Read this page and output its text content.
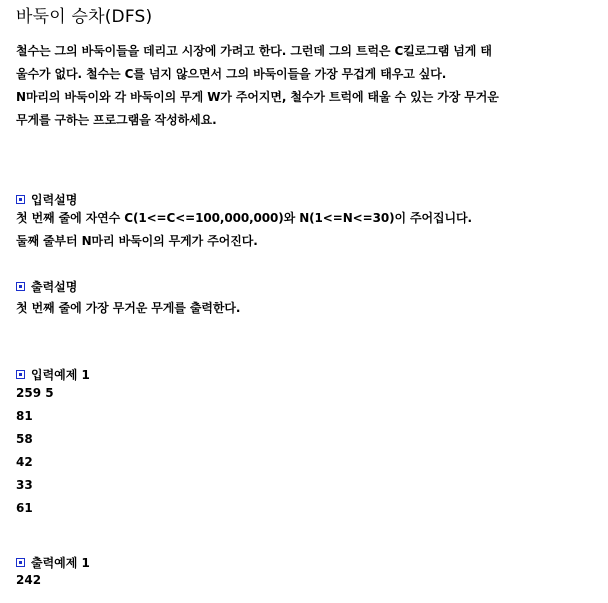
바둑이 승차(DFS)
철수는 그의 바둑이들을 데리고 시장에 가려고 한다. 그런데 그의 트럭은 C킬로그램 넘게 태
울수가 없다. 철수는 C를 넘지 않으면서 그의 바둑이들을 가장 무겁게 태우고 싶다.
N마리의 바둑이와 각 바둑이의 무게 W가 주어지면, 철수가 트럭에 태울 수 있는 가장 무거운
무게를 구하는 프로그램을 작성하세요.
입력설명
첫 번째 줄에 자연수 C(1<=C<=100,000,000)와 N(1<=N<=30)이 주어집니다.
둘째 줄부터 N마리 바둑이의 무게가 주어진다.
출력설명
첫 번째 줄에 가장 무거운 무게를 출력한다.
입력예제 1
259 5
81
58
42
33
61
출력예제 1
242
